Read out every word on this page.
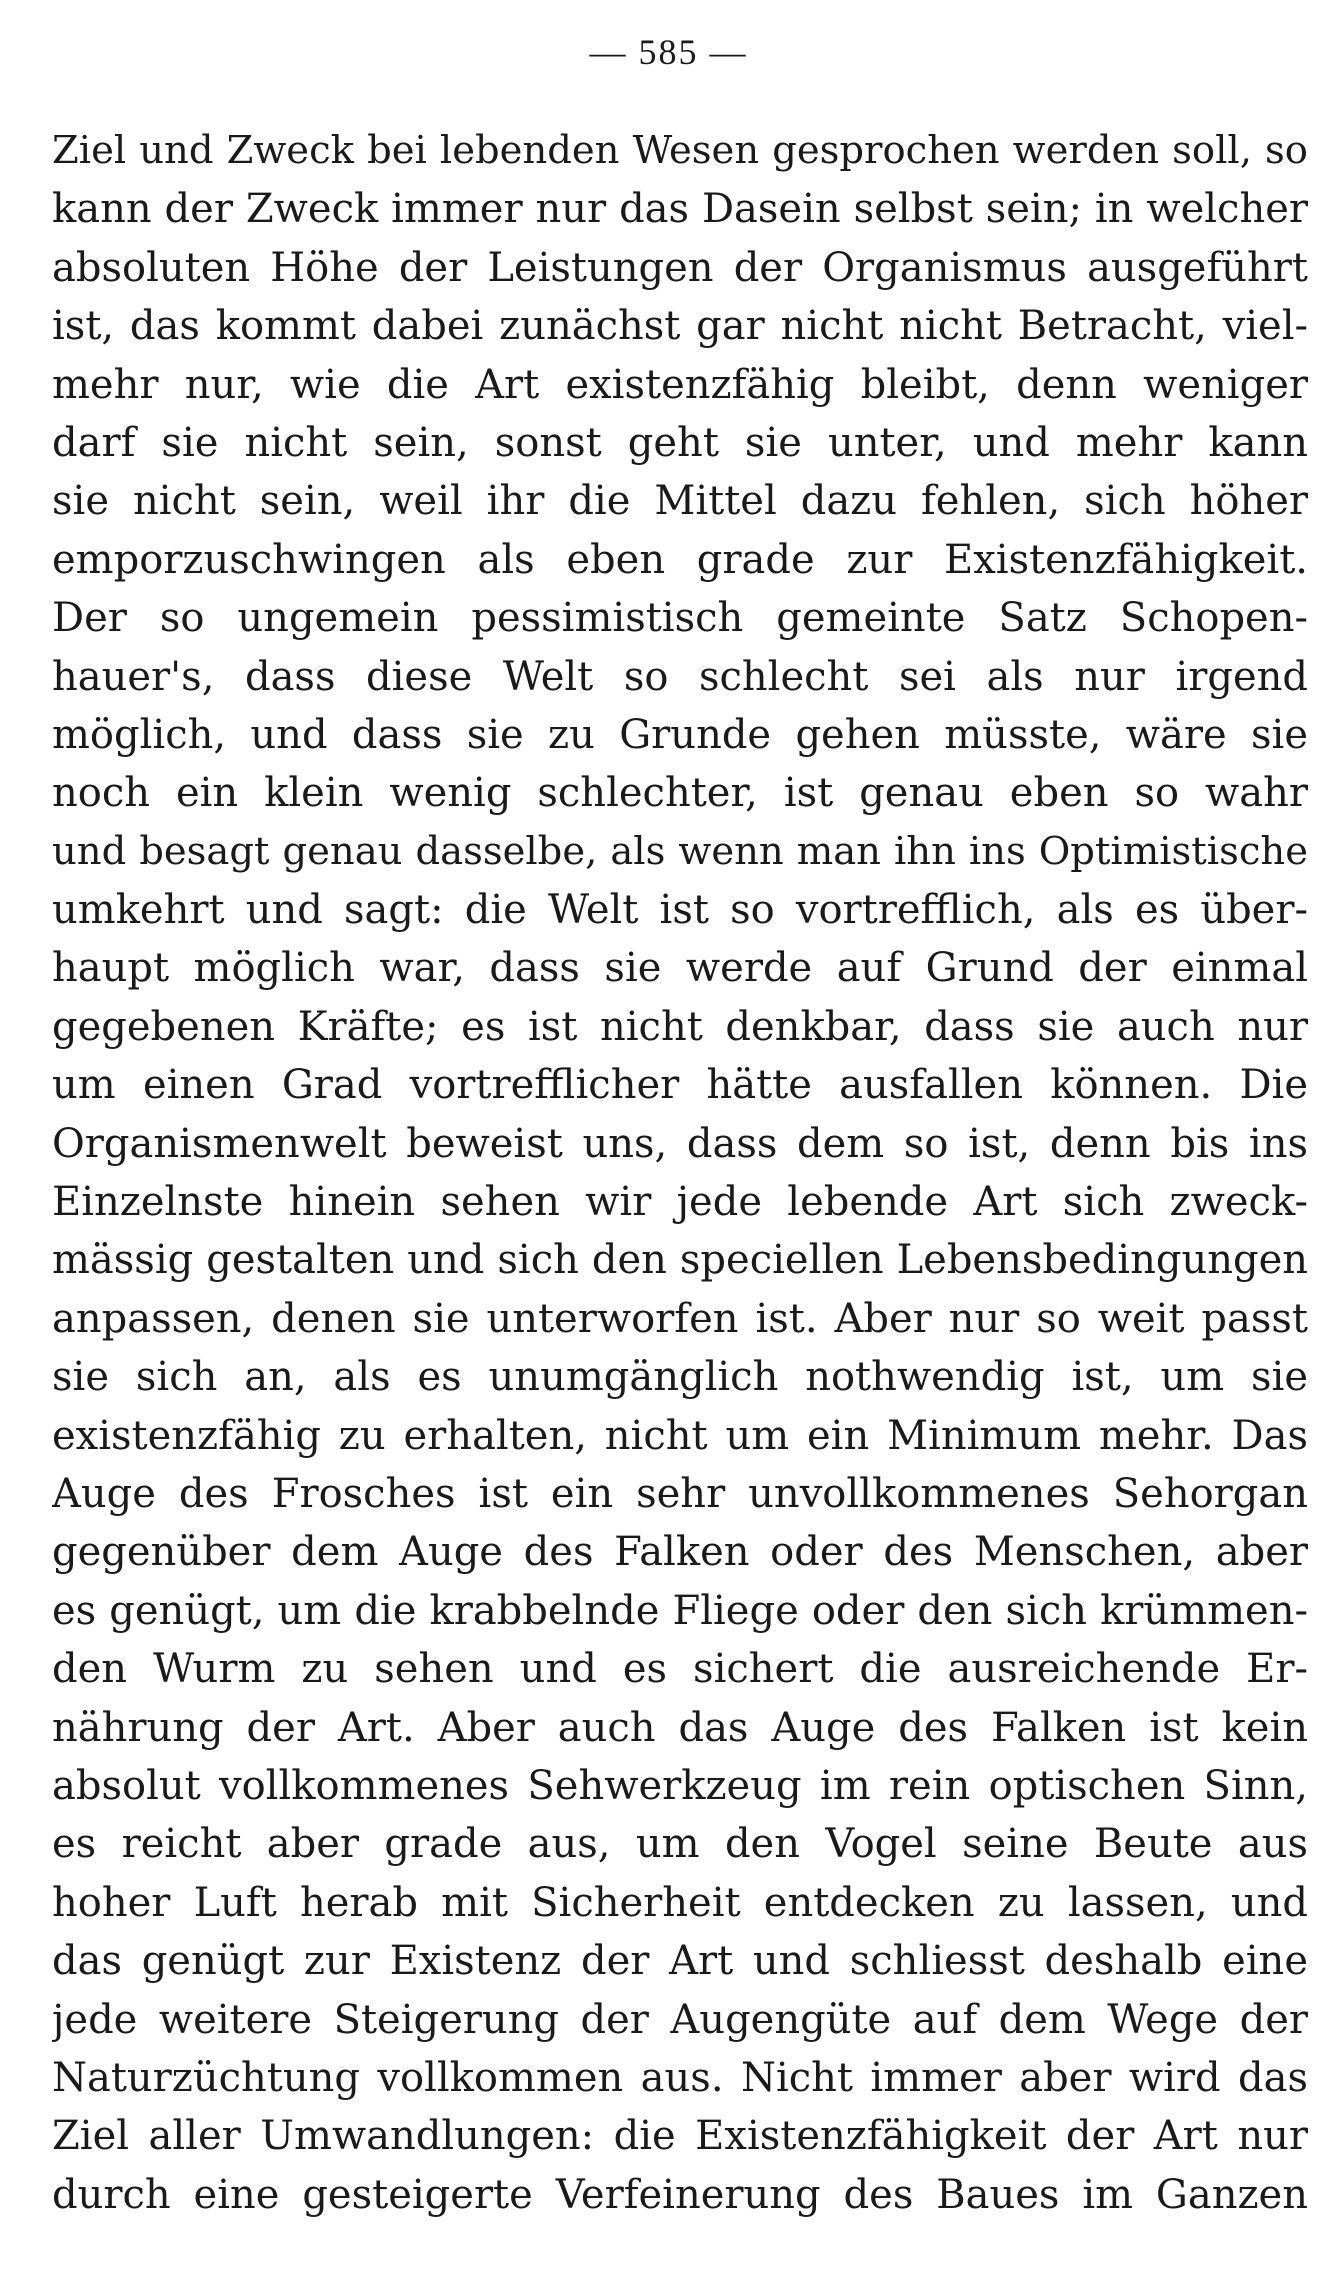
— 585 —
Ziel und Zweck bei lebenden Wesen gesprochen werden soll, so
kann der Zweck immer nur das Dasein selbst sein; in welcher
absoluten Höhe der Leistungen der Organismus ausgeführt
ist, das kommt dabei zunächst gar nicht nicht Betracht, viel-
mehr nur, wie die Art existenzfähig bleibt, denn weniger
darf sie nicht sein, sonst geht sie unter, und mehr kann
sie nicht sein, weil ihr die Mittel dazu fehlen, sich höher
emporzuschwingen als eben grade zur Existenzfähigkeit.
Der so ungemein pessimistisch gemeinte Satz Schopen-
hauer's, dass diese Welt so schlecht sei als nur irgend
möglich, und dass sie zu Grunde gehen müsste, wäre sie
noch ein klein wenig schlechter, ist genau eben so wahr
und besagt genau dasselbe, als wenn man ihn ins Optimistische
umkehrt und sagt: die Welt ist so vortrefflich, als es über-
haupt möglich war, dass sie werde auf Grund der einmal
gegebenen Kräfte; es ist nicht denkbar, dass sie auch nur
um einen Grad vortrefflicher hätte ausfallen können. Die
Organismenwelt beweist uns, dass dem so ist, denn bis ins
Einzelnste hinein sehen wir jede lebende Art sich zweck-
mässig gestalten und sich den speciellen Lebensbedingungen
anpassen, denen sie unterworfen ist. Aber nur so weit passt
sie sich an, als es unumgänglich nothwendig ist, um sie
existenzfähig zu erhalten, nicht um ein Minimum mehr. Das
Auge des Frosches ist ein sehr unvollkommenes Sehorgan
gegenüber dem Auge des Falken oder des Menschen, aber
es genügt, um die krabbelnde Fliege oder den sich krümmen-
den Wurm zu sehen und es sichert die ausreichende Er-
nährung der Art. Aber auch das Auge des Falken ist kein
absolut vollkommenes Sehwerkzeug im rein optischen Sinn,
es reicht aber grade aus, um den Vogel seine Beute aus
hoher Luft herab mit Sicherheit entdecken zu lassen, und
das genügt zur Existenz der Art und schliesst deshalb eine
jede weitere Steigerung der Augengüte auf dem Wege der
Naturzüchtung vollkommen aus. Nicht immer aber wird das
Ziel aller Umwandlungen: die Existenzfähigkeit der Art nur
durch eine gesteigerte Verfeinerung des Baues im Ganzen
